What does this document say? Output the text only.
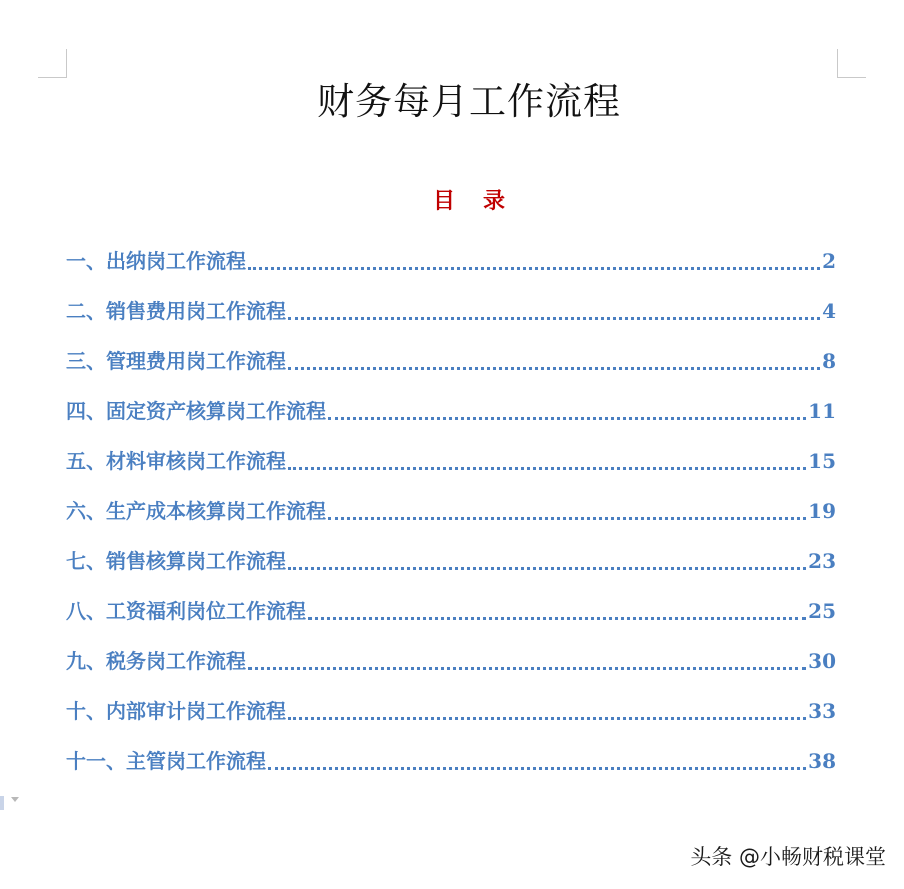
财务每月工作流程
目 录
一、出纳岗工作流程	2
二、销售费用岗工作流程	4
三、管理费用岗工作流程	8
四、固定资产核算岗工作流程	11
五、材料审核岗工作流程	15
六、生产成本核算岗工作流程	19
七、销售核算岗工作流程	23
八、工资福利岗位工作流程	25
九、税务岗工作流程	30
十、内部审计岗工作流程	33
十一、主管岗工作流程	38
头条 @小畅财税课堂
